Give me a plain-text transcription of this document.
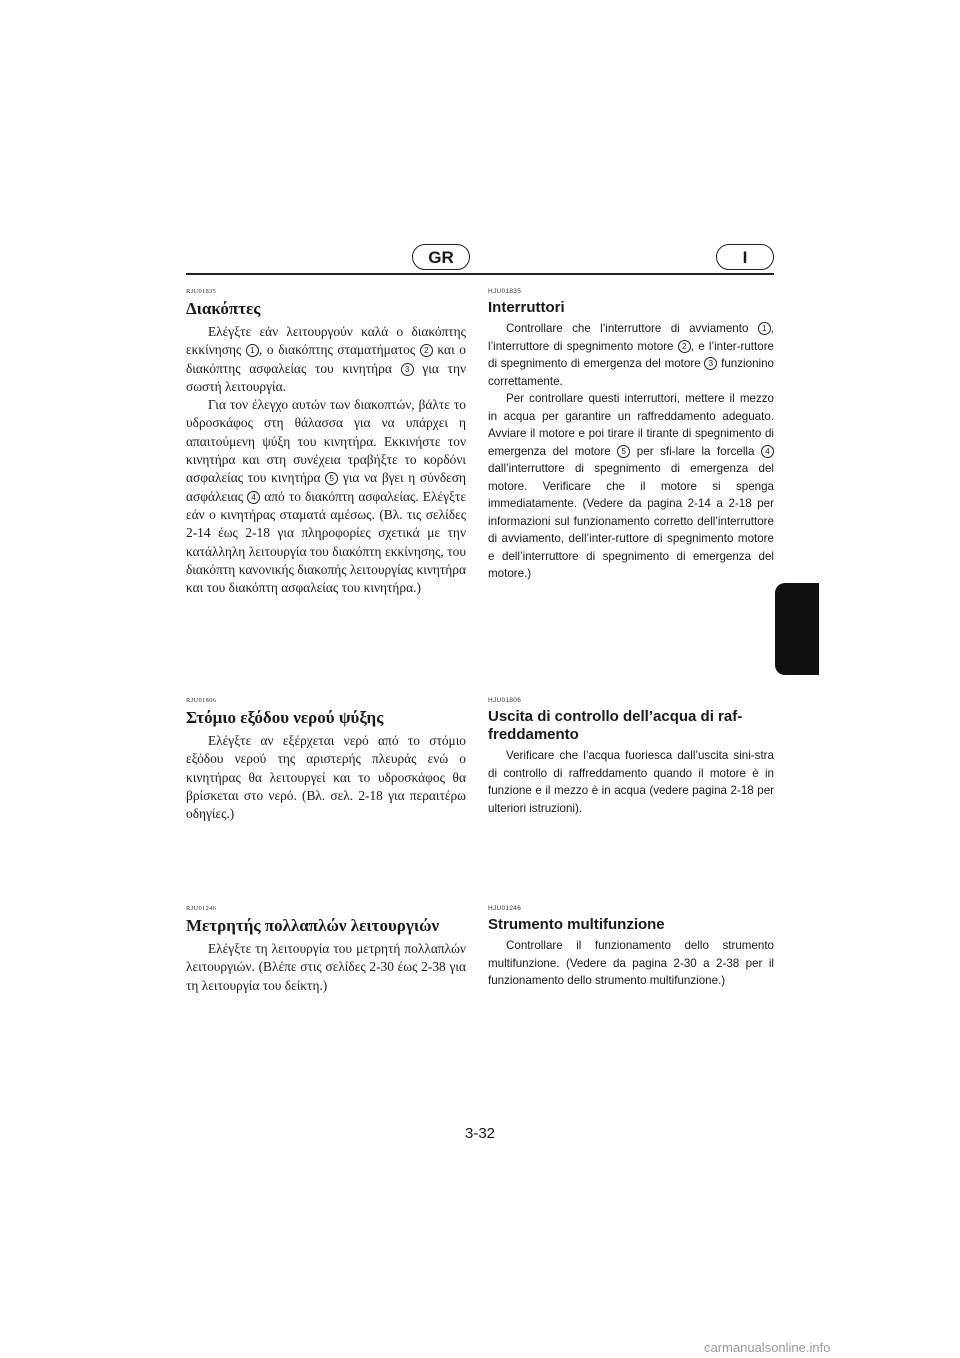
GR	I

RJU01835

Διακόπτες

Ελέγξτε εάν λειτουργούν καλά ο διακόπτης εκκίνησης 1 , ο διακόπτης σταματήματος 2 και ο διακόπτης ασφαλείας του κινητήρα 3 για την σωστή λειτουργία.

Για τον έλεγχο αυτών των διακοπτών, βάλτε το υδροσκάφος στη θάλασσα για να υπάρχει η απαιτούμενη ψύξη του κινητήρα. Εκκινήστε τον κινητήρα και στη συνέχεια τραβήξτε το κορδόνι ασφαλείας του κινητήρα 5 για να βγει η σύνδεση ασφάλειας 4 από το διακόπτη ασφαλείας. Ελέγξτε εάν ο κινητήρας σταματά αμέσως. (Βλ. τις σελίδες 2-14 έως 2-18 για πληροφορίες σχετικά με την κατάλληλη λειτουργία του διακόπτη εκκίνησης, του διακόπτη κανονικής διακοπής λειτουργίας κινητήρα και του διακόπτη ασφαλείας του κινητήρα.)

HJU01835

Interruttori

Controllare che l’interruttore di avviamento 1 , l’interruttore di spegnimento motore 2 , e l’inter-ruttore di spegnimento di emergenza del motore 3 funzionino correttamente.

Per controllare questi interruttori, mettere il mezzo in acqua per garantire un raffreddamento adeguato. Avviare il motore e poi tirare il tirante di spegnimento di emergenza del motore 5 per sfi-lare la forcella 4 dall’interruttore di spegnimento di emergenza del motore. Verificare che il motore si spenga immediatamente. (Vedere da pagina 2-14 a 2-18 per informazioni sul funzionamento corretto dell’interruttore di avviamento, dell’inter-ruttore di spegnimento motore e dell’interruttore di spegnimento di emergenza del motore.)

RJU01806

Στόμιο εξόδου νερού ψύξης

Ελέγξτε αν εξέρχεται νερό από το στόμιο εξόδου νερού της αριστερής πλευράς ενώ ο κινητήρας θα λειτουργεί και το υδροσκάφος θα βρίσκεται στο νερό. (Βλ. σελ. 2-18 για περαιτέρω οδηγίες.)

HJU01806

Uscita di controllo dell’acqua di raf-freddamento

Verificare che l’acqua fuoriesca dall’uscita sini-stra di controllo di raffreddamento quando il motore è in funzione e il mezzo è in acqua (vedere pagina 2-18 per ulteriori istruzioni).

RJU01246

Μετρητής πολλαπλών λειτουργιών

Ελέγξτε τη λειτουργία του μετρητή πολλαπλών λειτουργιών. (Βλέπε στις σελίδες 2-30 έως 2-38 για τη λειτουργία του δείκτη.)

HJU01246

Strumento multifunzione

Controllare il funzionamento dello strumento multifunzione. (Vedere da pagina 2-30 a 2-38 per il funzionamento dello strumento multifunzione.)

3-32
carmanualsonline.info
